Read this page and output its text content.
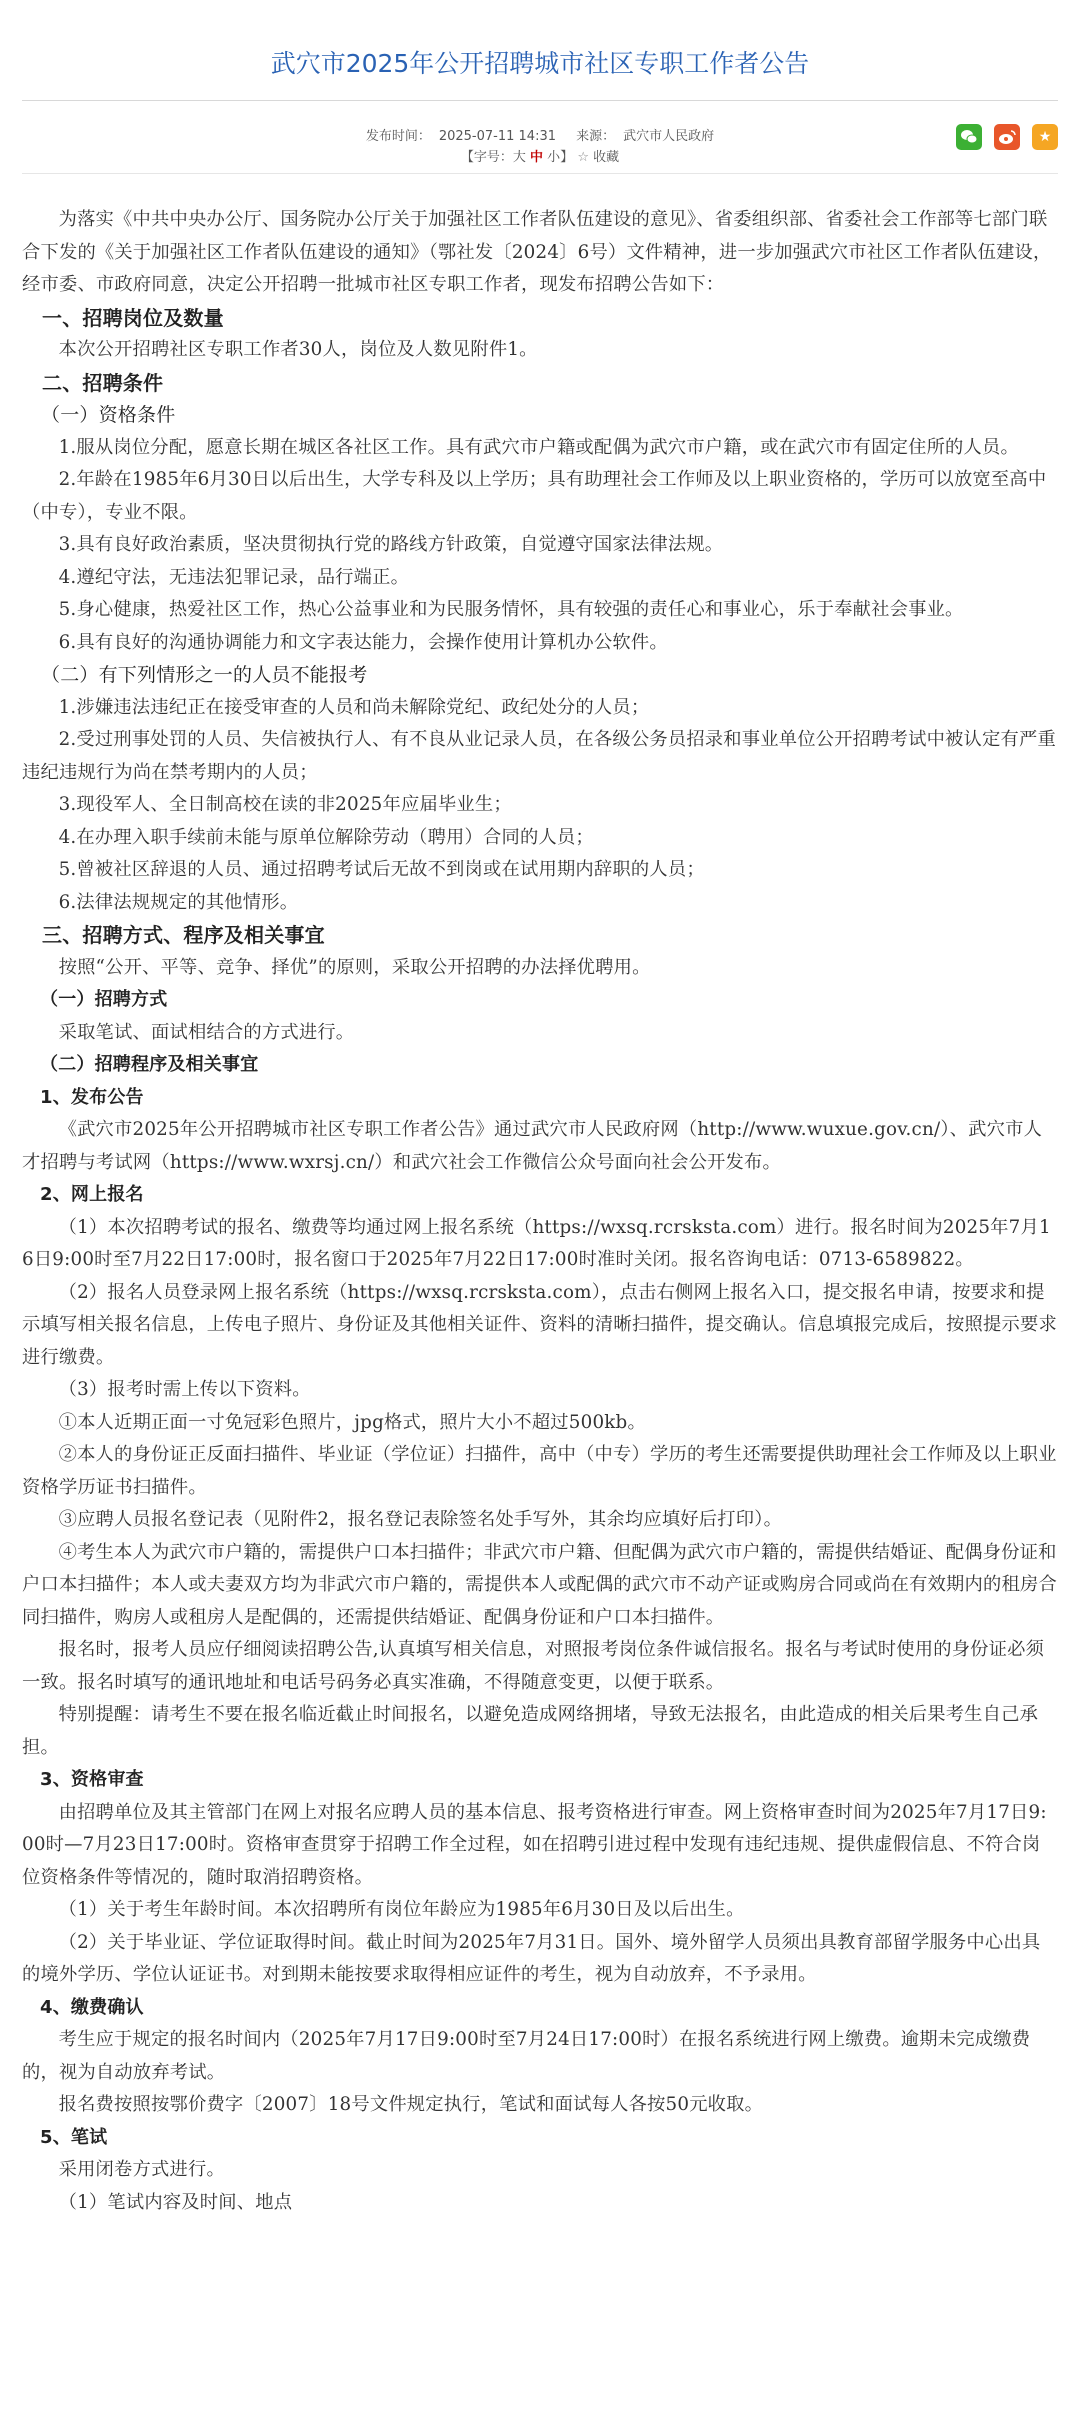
武穴市2025年公开招聘城市社区专职工作者公告
发布时间： 2025-07-11 14:31 来源： 武穴市人民政府
【字号：大 中 小】 ☆ 收藏
★

为落实《中共中央办公厅、国务院办公厅关于加强社区工作者队伍建设的意见》、省委组织部、省委社会工作部等七部门联合下发的《关于加强社区工作者队伍建设的通知》（鄂社发〔2024〕6号）文件精神，进一步加强武穴市社区工作者队伍建设，经市委、市政府同意，决定公开招聘一批城市社区专职工作者，现发布招聘公告如下：

一、招聘岗位及数量

本次公开招聘社区专职工作者30人，岗位及人数见附件1。

二、招聘条件
（一）资格条件

1.服从岗位分配，愿意长期在城区各社区工作。具有武穴市户籍或配偶为武穴市户籍，或在武穴市有固定住所的人员。

2.年龄在1985年6月30日以后出生，大学专科及以上学历；具有助理社会工作师及以上职业资格的，学历可以放宽至高中（中专），专业不限。

3.具有良好政治素质，坚决贯彻执行党的路线方针政策，自觉遵守国家法律法规。

4.遵纪守法，无违法犯罪记录，品行端正。

5.身心健康，热爱社区工作，热心公益事业和为民服务情怀，具有较强的责任心和事业心，乐于奉献社会事业。

6.具有良好的沟通协调能力和文字表达能力，会操作使用计算机办公软件。

（二）有下列情形之一的人员不能报考

1.涉嫌违法违纪正在接受审查的人员和尚未解除党纪、政纪处分的人员；

2.受过刑事处罚的人员、失信被执行人、有不良从业记录人员，在各级公务员招录和事业单位公开招聘考试中被认定有严重违纪违规行为尚在禁考期内的人员；

3.现役军人、全日制高校在读的非2025年应届毕业生；

4.在办理入职手续前未能与原单位解除劳动（聘用）合同的人员；

5.曾被社区辞退的人员、通过招聘考试后无故不到岗或在试用期内辞职的人员；

6.法律法规规定的其他情形。

三、招聘方式、程序及相关事宜

按照“公开、平等、竞争、择优”的原则，采取公开招聘的办法择优聘用。

（一）招聘方式

采取笔试、面试相结合的方式进行。

（二）招聘程序及相关事宜
1、发布公告

《武穴市2025年公开招聘城市社区专职工作者公告》通过武穴市人民政府网（http://www.wuxue.gov.cn/）、武穴市人才招聘与考试网（https://www.wxrsj.cn/）和武穴社会工作微信公众号面向社会公开发布。

2、网上报名

（1）本次招聘考试的报名、缴费等均通过网上报名系统（https://wxsq.rcrsksta.com）进行。报名时间为2025年7月16日9:00时至7月22日17:00时，报名窗口于2025年7月22日17:00时准时关闭。报名咨询电话：0713-6589822。

（2）报名人员登录网上报名系统（https://wxsq.rcrsksta.com），点击右侧网上报名入口，提交报名申请，按要求和提示填写相关报名信息，上传电子照片、身份证及其他相关证件、资料的清晰扫描件，提交确认。信息填报完成后，按照提示要求进行缴费。

（3）报考时需上传以下资料。

①本人近期正面一寸免冠彩色照片，jpg格式，照片大小不超过500kb。

②本人的身份证正反面扫描件、毕业证（学位证）扫描件，高中（中专）学历的考生还需要提供助理社会工作师及以上职业资格学历证书扫描件。

③应聘人员报名登记表（见附件2，报名登记表除签名处手写外，其余均应填好后打印）。

④考生本人为武穴市户籍的，需提供户口本扫描件；非武穴市户籍、但配偶为武穴市户籍的，需提供结婚证、配偶身份证和户口本扫描件；本人或夫妻双方均为非武穴市户籍的，需提供本人或配偶的武穴市不动产证或购房合同或尚在有效期内的租房合同扫描件，购房人或租房人是配偶的，还需提供结婚证、配偶身份证和户口本扫描件。

报名时，报考人员应仔细阅读招聘公告,认真填写相关信息，对照报考岗位条件诚信报名。报名与考试时使用的身份证必须一致。报名时填写的通讯地址和电话号码务必真实准确，不得随意变更，以便于联系。

特别提醒：请考生不要在报名临近截止时间报名，以避免造成网络拥堵，导致无法报名，由此造成的相关后果考生自己承担。

3、资格审查

由招聘单位及其主管部门在网上对报名应聘人员的基本信息、报考资格进行审查。网上资格审查时间为2025年7月17日9:00时—7月23日17:00时。资格审查贯穿于招聘工作全过程，如在招聘引进过程中发现有违纪违规、提供虚假信息、不符合岗位资格条件等情况的，随时取消招聘资格。

（1）关于考生年龄时间。本次招聘所有岗位年龄应为1985年6月30日及以后出生。

（2）关于毕业证、学位证取得时间。截止时间为2025年7月31日。国外、境外留学人员须出具教育部留学服务中心出具的境外学历、学位认证证书。对到期未能按要求取得相应证件的考生，视为自动放弃，不予录用。

4、缴费确认

考生应于规定的报名时间内（2025年7月17日9:00时至7月24日17:00时）在报名系统进行网上缴费。逾期未完成缴费的，视为自动放弃考试。

报名费按照按鄂价费字〔2007〕18号文件规定执行，笔试和面试每人各按50元收取。

5、笔试

采用闭卷方式进行。

（1）笔试内容及时间、地点
